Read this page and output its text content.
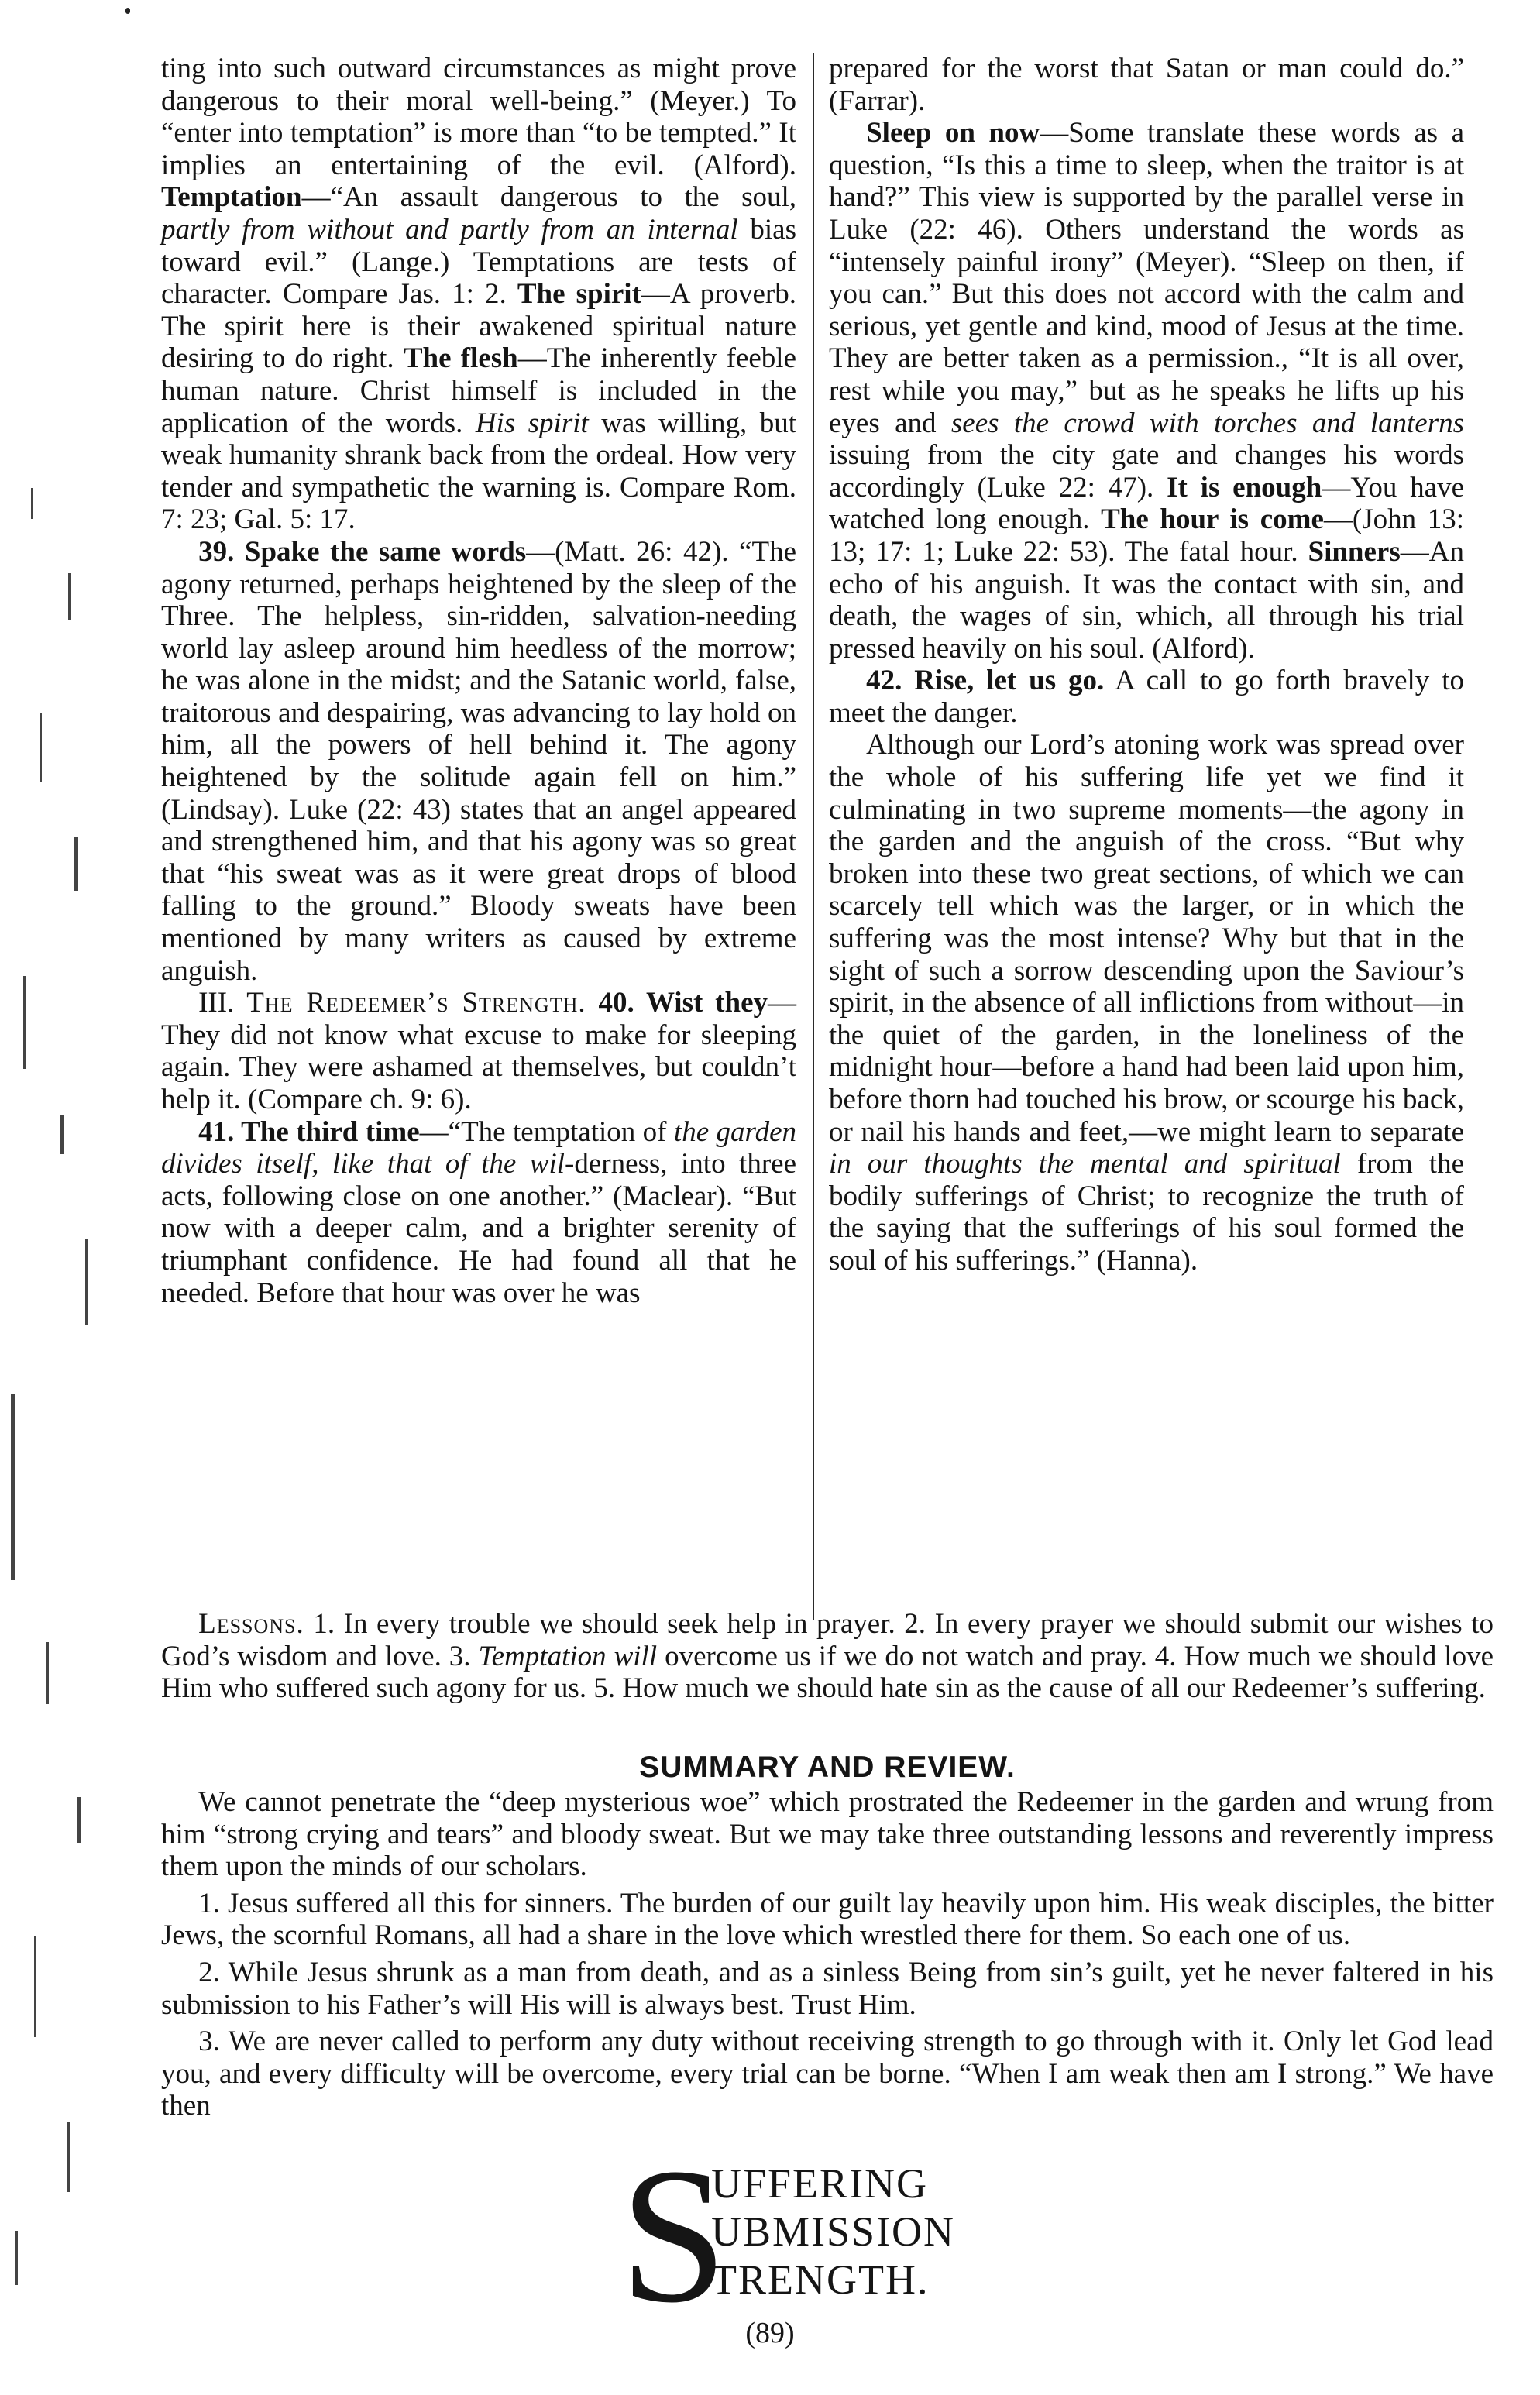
ting into such outward circumstances as might prove dangerous to their moral well-being.” (Meyer.) To “enter into temptation” is more than “to be tempted.” It implies an entertaining of the evil. (Alford). Temptation—“An assault dangerous to the soul, partly from without and partly from an internal bias toward evil.” (Lange.) Temptations are tests of character. Compare Jas. 1: 2. The spirit—A proverb. The spirit here is their awakened spiritual nature desiring to do right. The flesh—The inherently feeble human nature. Christ himself is included in the application of the words. His spirit was willing, but weak humanity shrank back from the ordeal. How very tender and sympathetic the warning is. Compare Rom. 7: 23; Gal. 5: 17.

39. Spake the same words—(Matt. 26: 42). “The agony returned, perhaps heightened by the sleep of the Three. The helpless, sin-ridden, salvation-needing world lay asleep around him heedless of the morrow; he was alone in the midst; and the Satanic world, false, traitorous and despairing, was advancing to lay hold on him, all the powers of hell behind it. The agony heightened by the solitude again fell on him.” (Lindsay). Luke (22: 43) states that an angel appeared and strengthened him, and that his agony was so great that “his sweat was as it were great drops of blood falling to the ground.” Bloody sweats have been mentioned by many writers as caused by extreme anguish.

III. The Redeemer’s Strength. 40. Wist they—They did not know what excuse to make for sleeping again. They were ashamed at themselves, but couldn’t help it. (Compare ch. 9: 6).

41. The third time—“The temptation of the garden divides itself, like that of the wil-derness, into three acts, following close on one another.” (Maclear). “But now with a deeper calm, and a brighter serenity of triumphant confidence. He had found all that he needed. Before that hour was over he was

prepared for the worst that Satan or man could do.” (Farrar).

Sleep on now—Some translate these words as a question, “Is this a time to sleep, when the traitor is at hand?” This view is supported by the parallel verse in Luke (22: 46). Others understand the words as “intensely painful irony” (Meyer). “Sleep on then, if you can.” But this does not accord with the calm and serious, yet gentle and kind, mood of Jesus at the time. They are better taken as a permission., “It is all over, rest while you may,” but as he speaks he lifts up his eyes and sees the crowd with torches and lanterns issuing from the city gate and changes his words accordingly (Luke 22: 47). It is enough—You have watched long enough. The hour is come—(John 13: 13; 17: 1; Luke 22: 53). The fatal hour. Sinners—An echo of his anguish. It was the contact with sin, and death, the wages of sin, which, all through his trial pressed heavily on his soul. (Alford).

42. Rise, let us go. A call to go forth bravely to meet the danger.

Although our Lord’s atoning work was spread over the whole of his suffering life yet we find it culminating in two supreme moments—the agony in the garden and the anguish of the cross. “But why broken into these two great sections, of which we can scarcely tell which was the larger, or in which the suffering was the most intense? Why but that in the sight of such a sorrow descending upon the Saviour’s spirit, in the absence of all inflictions from without—in the quiet of the garden, in the loneliness of the midnight hour—before a hand had been laid upon him, before thorn had touched his brow, or scourge his back, or nail his hands and feet,—we might learn to separate in our thoughts the mental and spiritual from the bodily sufferings of Christ; to recognize the truth of the saying that the sufferings of his soul formed the soul of his sufferings.” (Hanna).

Lessons. 1. In every trouble we should seek help in prayer. 2. In every prayer we should submit our wishes to God’s wisdom and love. 3. Temptation will overcome us if we do not watch and pray. 4. How much we should love Him who suffered such agony for us. 5. How much we should hate sin as the cause of all our Redeemer’s suffering.

SUMMARY AND REVIEW.

We cannot penetrate the “deep mysterious woe” which prostrated the Redeemer in the garden and wrung from him “strong crying and tears” and bloody sweat. But we may take three outstanding lessons and reverently impress them upon the minds of our scholars.

1. Jesus suffered all this for sinners. The burden of our guilt lay heavily upon him. His weak disciples, the bitter Jews, the scornful Romans, all had a share in the love which wrestled there for them. So each one of us.

2. While Jesus shrunk as a man from death, and as a sinless Being from sin’s guilt, yet he never faltered in his submission to his Father’s will His will is always best. Trust Him.

3. We are never called to perform any duty without receiving strength to go through with it. Only let God lead you, and every difficulty will be overcome, every trial can be borne. “When I am weak then am I strong.” We have then

S
UFFERING
UBMISSION
TRENGTH.
(89)
